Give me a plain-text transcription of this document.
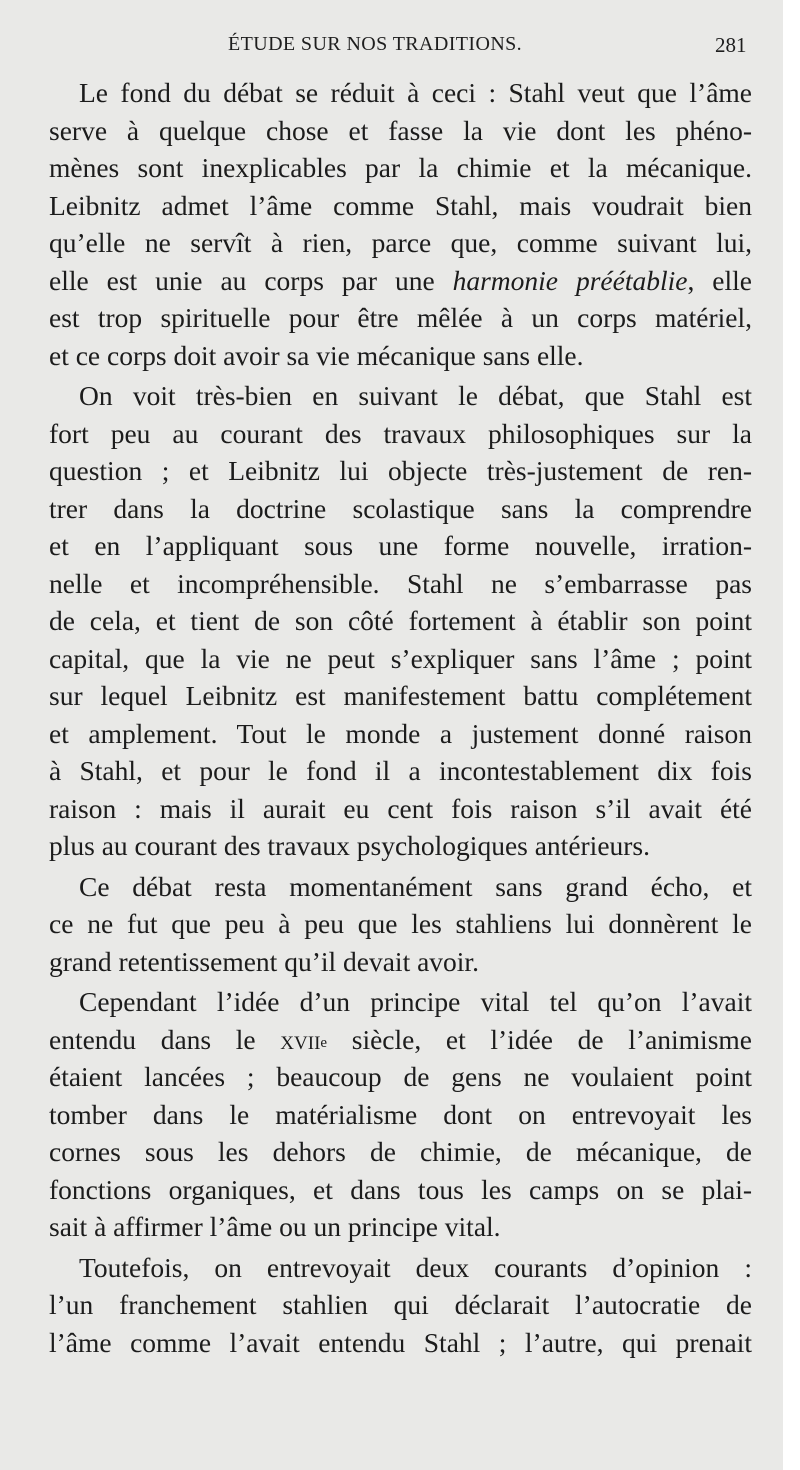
ÉTUDE SUR NOS TRADITIONS.	281
Le fond du débat se réduit à ceci : Stahl veut que l’âme
serve à quelque chose et fasse la vie dont les phéno-
mènes sont inexplicables par la chimie et la mécanique.
Leibnitz admet l’âme comme Stahl, mais voudrait bien
qu’elle ne servît à rien, parce que, comme suivant lui,
elle est unie au corps par une harmonie préétablie, elle
est trop spirituelle pour être mêlée à un corps matériel,
et ce corps doit avoir sa vie mécanique sans elle.
On voit très-bien en suivant le débat, que Stahl est
fort peu au courant des travaux philosophiques sur la
question ; et Leibnitz lui objecte très-justement de ren-
trer dans la doctrine scolastique sans la comprendre
et en l’appliquant sous une forme nouvelle, irration-
nelle et incompréhensible. Stahl ne s’embarrasse pas
de cela, et tient de son côté fortement à établir son point
capital, que la vie ne peut s’expliquer sans l’âme ; point
sur lequel Leibnitz est manifestement battu complétement
et amplement. Tout le monde a justement donné raison
à Stahl, et pour le fond il a incontestablement dix fois
raison : mais il aurait eu cent fois raison s’il avait été
plus au courant des travaux psychologiques antérieurs.
Ce débat resta momentanément sans grand écho, et
ce ne fut que peu à peu que les stahliens lui donnèrent le
grand retentissement qu’il devait avoir.
Cependant l’idée d’un principe vital tel qu’on l’avait
entendu dans le xvii$^e$ siècle, et l’idée de l’animisme
étaient lancées ; beaucoup de gens ne voulaient point
tomber dans le matérialisme dont on entrevoyait les
cornes sous les dehors de chimie, de mécanique, de
fonctions organiques, et dans tous les camps on se plai-
sait à affirmer l’âme ou un principe vital.
Toutefois, on entrevoyait deux courants d’opinion :
l’un franchement stahlien qui déclarait l’autocratie de
l’âme comme l’avait entendu Stahl ; l’autre, qui prenait
